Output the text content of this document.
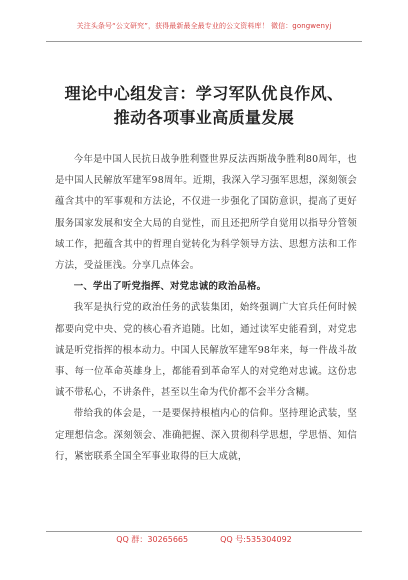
关注头条号“公文研究”，获得最新最全最专业的公文资料库！ 微信：gongwenyj
理论中心组发言：学习军队优良作风、
推动各项事业高质量发展

今年是中国人民抗日战争胜利暨世界反法西斯战争胜利80周年，也是中国人民解放军建军98周年。近期，我深入学习强军思想，深刻领会蕴含其中的军事观和方法论，不仅进一步强化了国防意识，提高了更好服务国家发展和安全大局的自觉性，而且还把所学自觉用以指导分管领域工作，把蕴含其中的哲理自觉转化为科学领导方法、思想方法和工作方法，受益匪浅。分享几点体会。

一、学出了听党指挥、对党忠诚的政治品格。

我军是执行党的政治任务的武装集团，始终强调广大官兵任何时候都要向党中央、党的核心看齐追随。比如，通过读军史能看到，对党忠诚是听党指挥的根本动力。中国人民解放军建军98年来，每一件战斗故事、每一位革命英雄身上，都能看到革命军人的对党绝对忠诚。这份忠诚不带私心，不讲条件，甚至以生命为代价都不会半分含糊。

带给我的体会是，一是要保持根植内心的信仰。坚持理论武装，坚定理想信念。深刻领会、准确把握、深入贯彻科学思想，学思悟、知信行，紧密联系全国全军事业取得的巨大成就，

QQ 群：30265665	QQ 号:535304092
